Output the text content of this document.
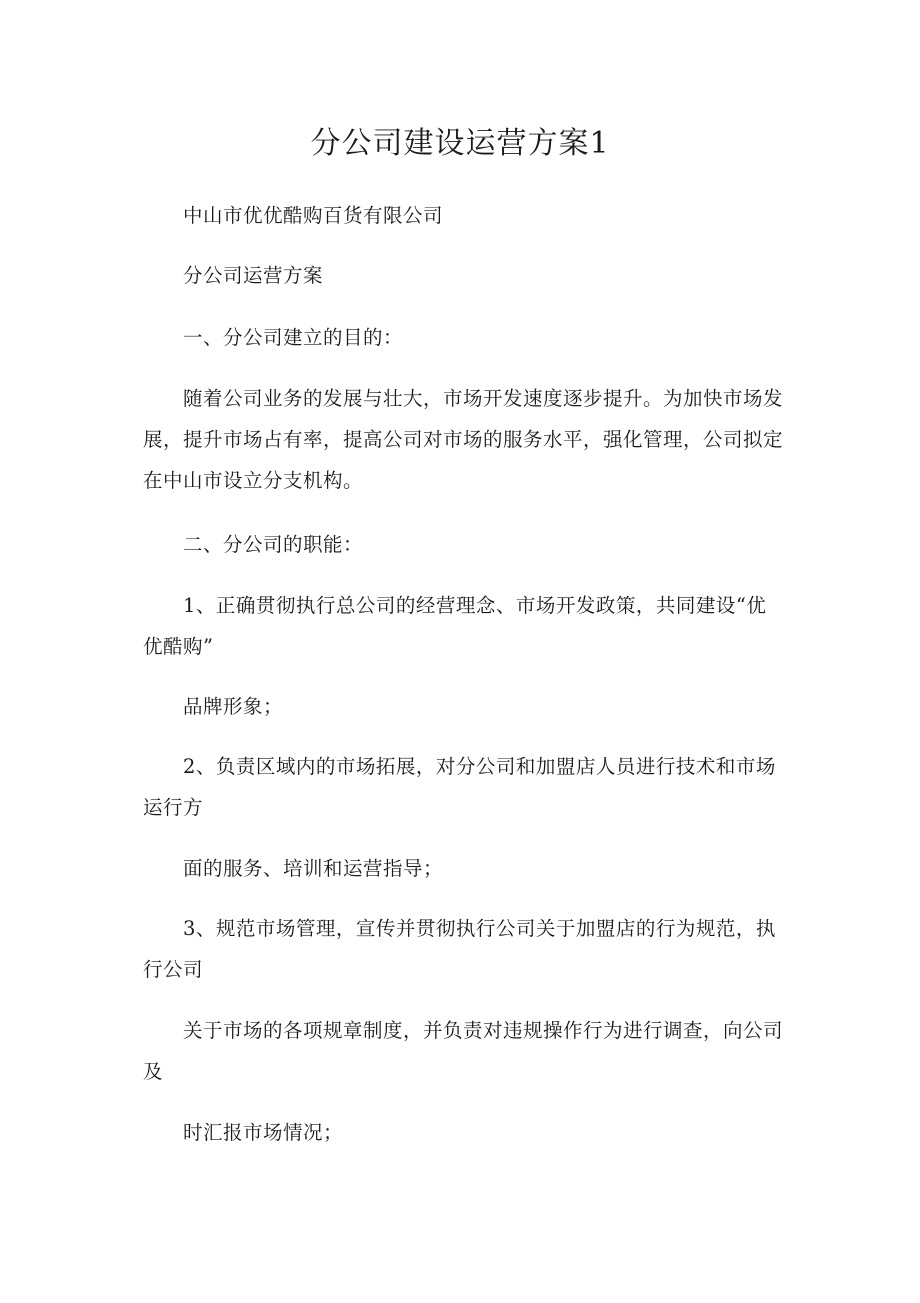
分公司建设运营方案1

中山市优优酷购百货有限公司

分公司运营方案

一、分公司建立的目的：

随着公司业务的发展与壮大，市场开发速度逐步提升。为加快市场发展，提升市场占有率，提高公司对市场的服务水平，强化管理，公司拟定在中山市设立分支机构。

二、分公司的职能：

1、正确贯彻执行总公司的经营理念、市场开发政策，共同建设“优优酷购”

品牌形象；

2、负责区域内的市场拓展，对分公司和加盟店人员进行技术和市场运行方

面的服务、培训和运营指导；

3、规范市场管理，宣传并贯彻执行公司关于加盟店的行为规范，执行公司

关于市场的各项规章制度，并负责对违规操作行为进行调查，向公司及

时汇报市场情况；
